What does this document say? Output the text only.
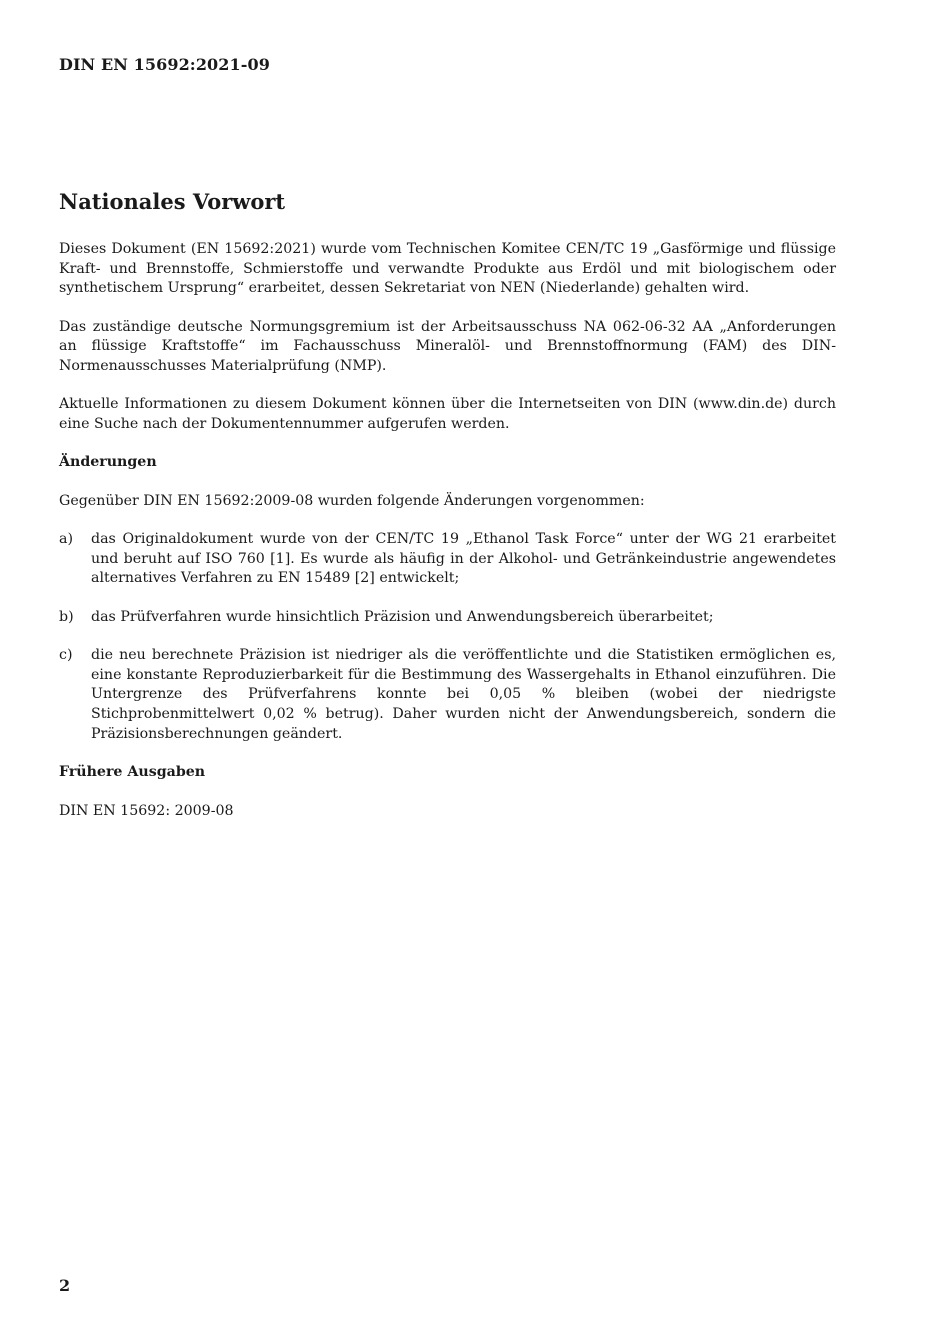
DIN EN 15692:2021-09
Nationales Vorwort

Dieses Dokument (EN 15692:2021) wurde vom Technischen Komitee CEN/TC 19 „Gasförmige und flüssige Kraft- und Brennstoffe, Schmierstoffe und verwandte Produkte aus Erdöl und mit biologischem oder synthetischem Ursprung“ erarbeitet, dessen Sekretariat von NEN (Niederlande) gehalten wird.

Das zuständige deutsche Normungsgremium ist der Arbeitsausschuss NA 062-06-32 AA „Anforderungen an flüssige Kraftstoffe“ im Fachausschuss Mineralöl- und Brennstoffnormung (FAM) des DIN-Normenausschusses Materialprüfung (NMP).

Aktuelle Informationen zu diesem Dokument können über die Internetseiten von DIN (www.din.de) durch eine Suche nach der Dokumentennummer aufgerufen werden.

Änderungen

Gegenüber DIN EN 15692:2009-08 wurden folgende Änderungen vorgenommen:

a)	das Originaldokument wurde von der CEN/TC 19 „Ethanol Task Force“ unter der WG 21 erarbeitet und beruht auf ISO 760 [1]. Es wurde als häufig in der Alkohol- und Getränkeindustrie angewendetes alternatives Verfahren zu EN 15489 [2] entwickelt;
b)	das Prüfverfahren wurde hinsichtlich Präzision und Anwendungsbereich überarbeitet;
c)	die neu berechnete Präzision ist niedriger als die veröffentlichte und die Statistiken ermöglichen es, eine konstante Reproduzierbarkeit für die Bestimmung des Wassergehalts in Ethanol einzuführen. Die Untergrenze des Prüfverfahrens konnte bei 0,05 % bleiben (wobei der niedrigste Stichprobenmittelwert 0,02 % betrug). Daher wurden nicht der Anwendungsbereich, sondern die Präzisionsberechnungen geändert.
Frühere Ausgaben

DIN EN 15692: 2009-08

2
